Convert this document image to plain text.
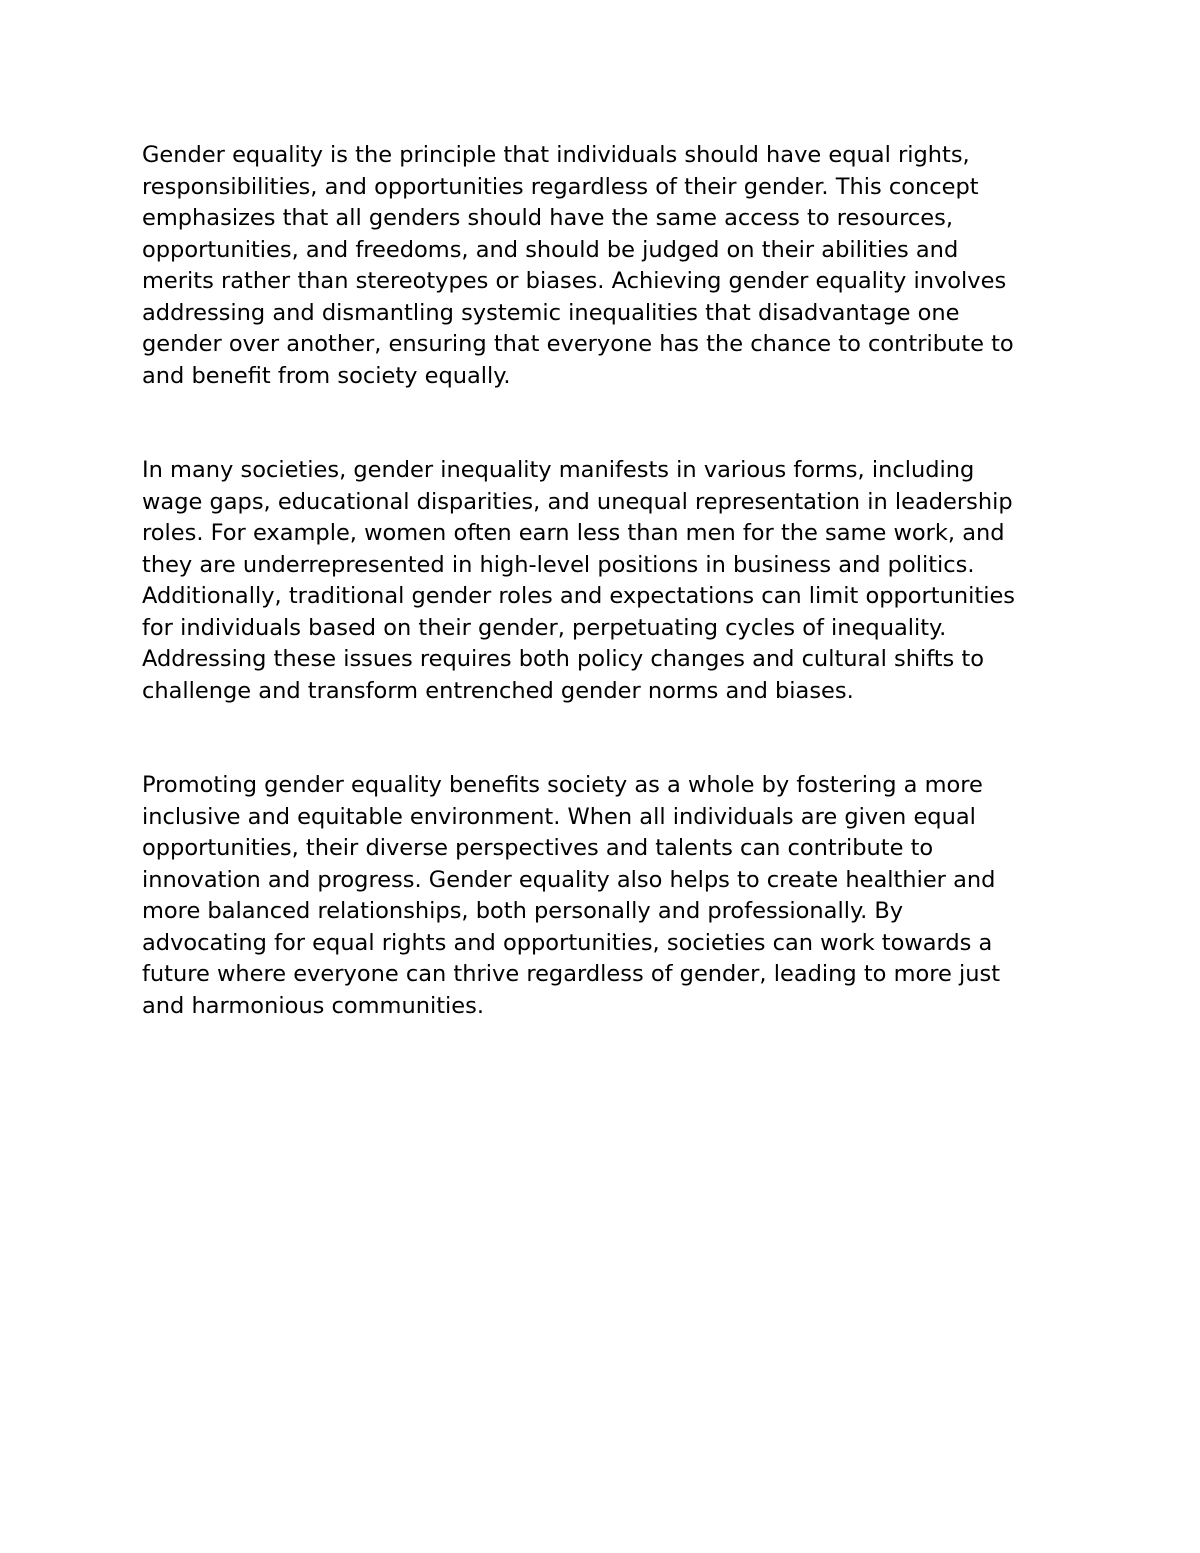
Gender equality is the principle that individuals should have equal rights,
responsibilities, and opportunities regardless of their gender. This concept
emphasizes that all genders should have the same access to resources,
opportunities, and freedoms, and should be judged on their abilities and
merits rather than stereotypes or biases. Achieving gender equality involves
addressing and dismantling systemic inequalities that disadvantage one
gender over another, ensuring that everyone has the chance to contribute to
and benefit from society equally.

In many societies, gender inequality manifests in various forms, including
wage gaps, educational disparities, and unequal representation in leadership
roles. For example, women often earn less than men for the same work, and
they are underrepresented in high-level positions in business and politics.
Additionally, traditional gender roles and expectations can limit opportunities
for individuals based on their gender, perpetuating cycles of inequality.
Addressing these issues requires both policy changes and cultural shifts to
challenge and transform entrenched gender norms and biases.

Promoting gender equality benefits society as a whole by fostering a more
inclusive and equitable environment. When all individuals are given equal
opportunities, their diverse perspectives and talents can contribute to
innovation and progress. Gender equality also helps to create healthier and
more balanced relationships, both personally and professionally. By
advocating for equal rights and opportunities, societies can work towards a
future where everyone can thrive regardless of gender, leading to more just
and harmonious communities.
